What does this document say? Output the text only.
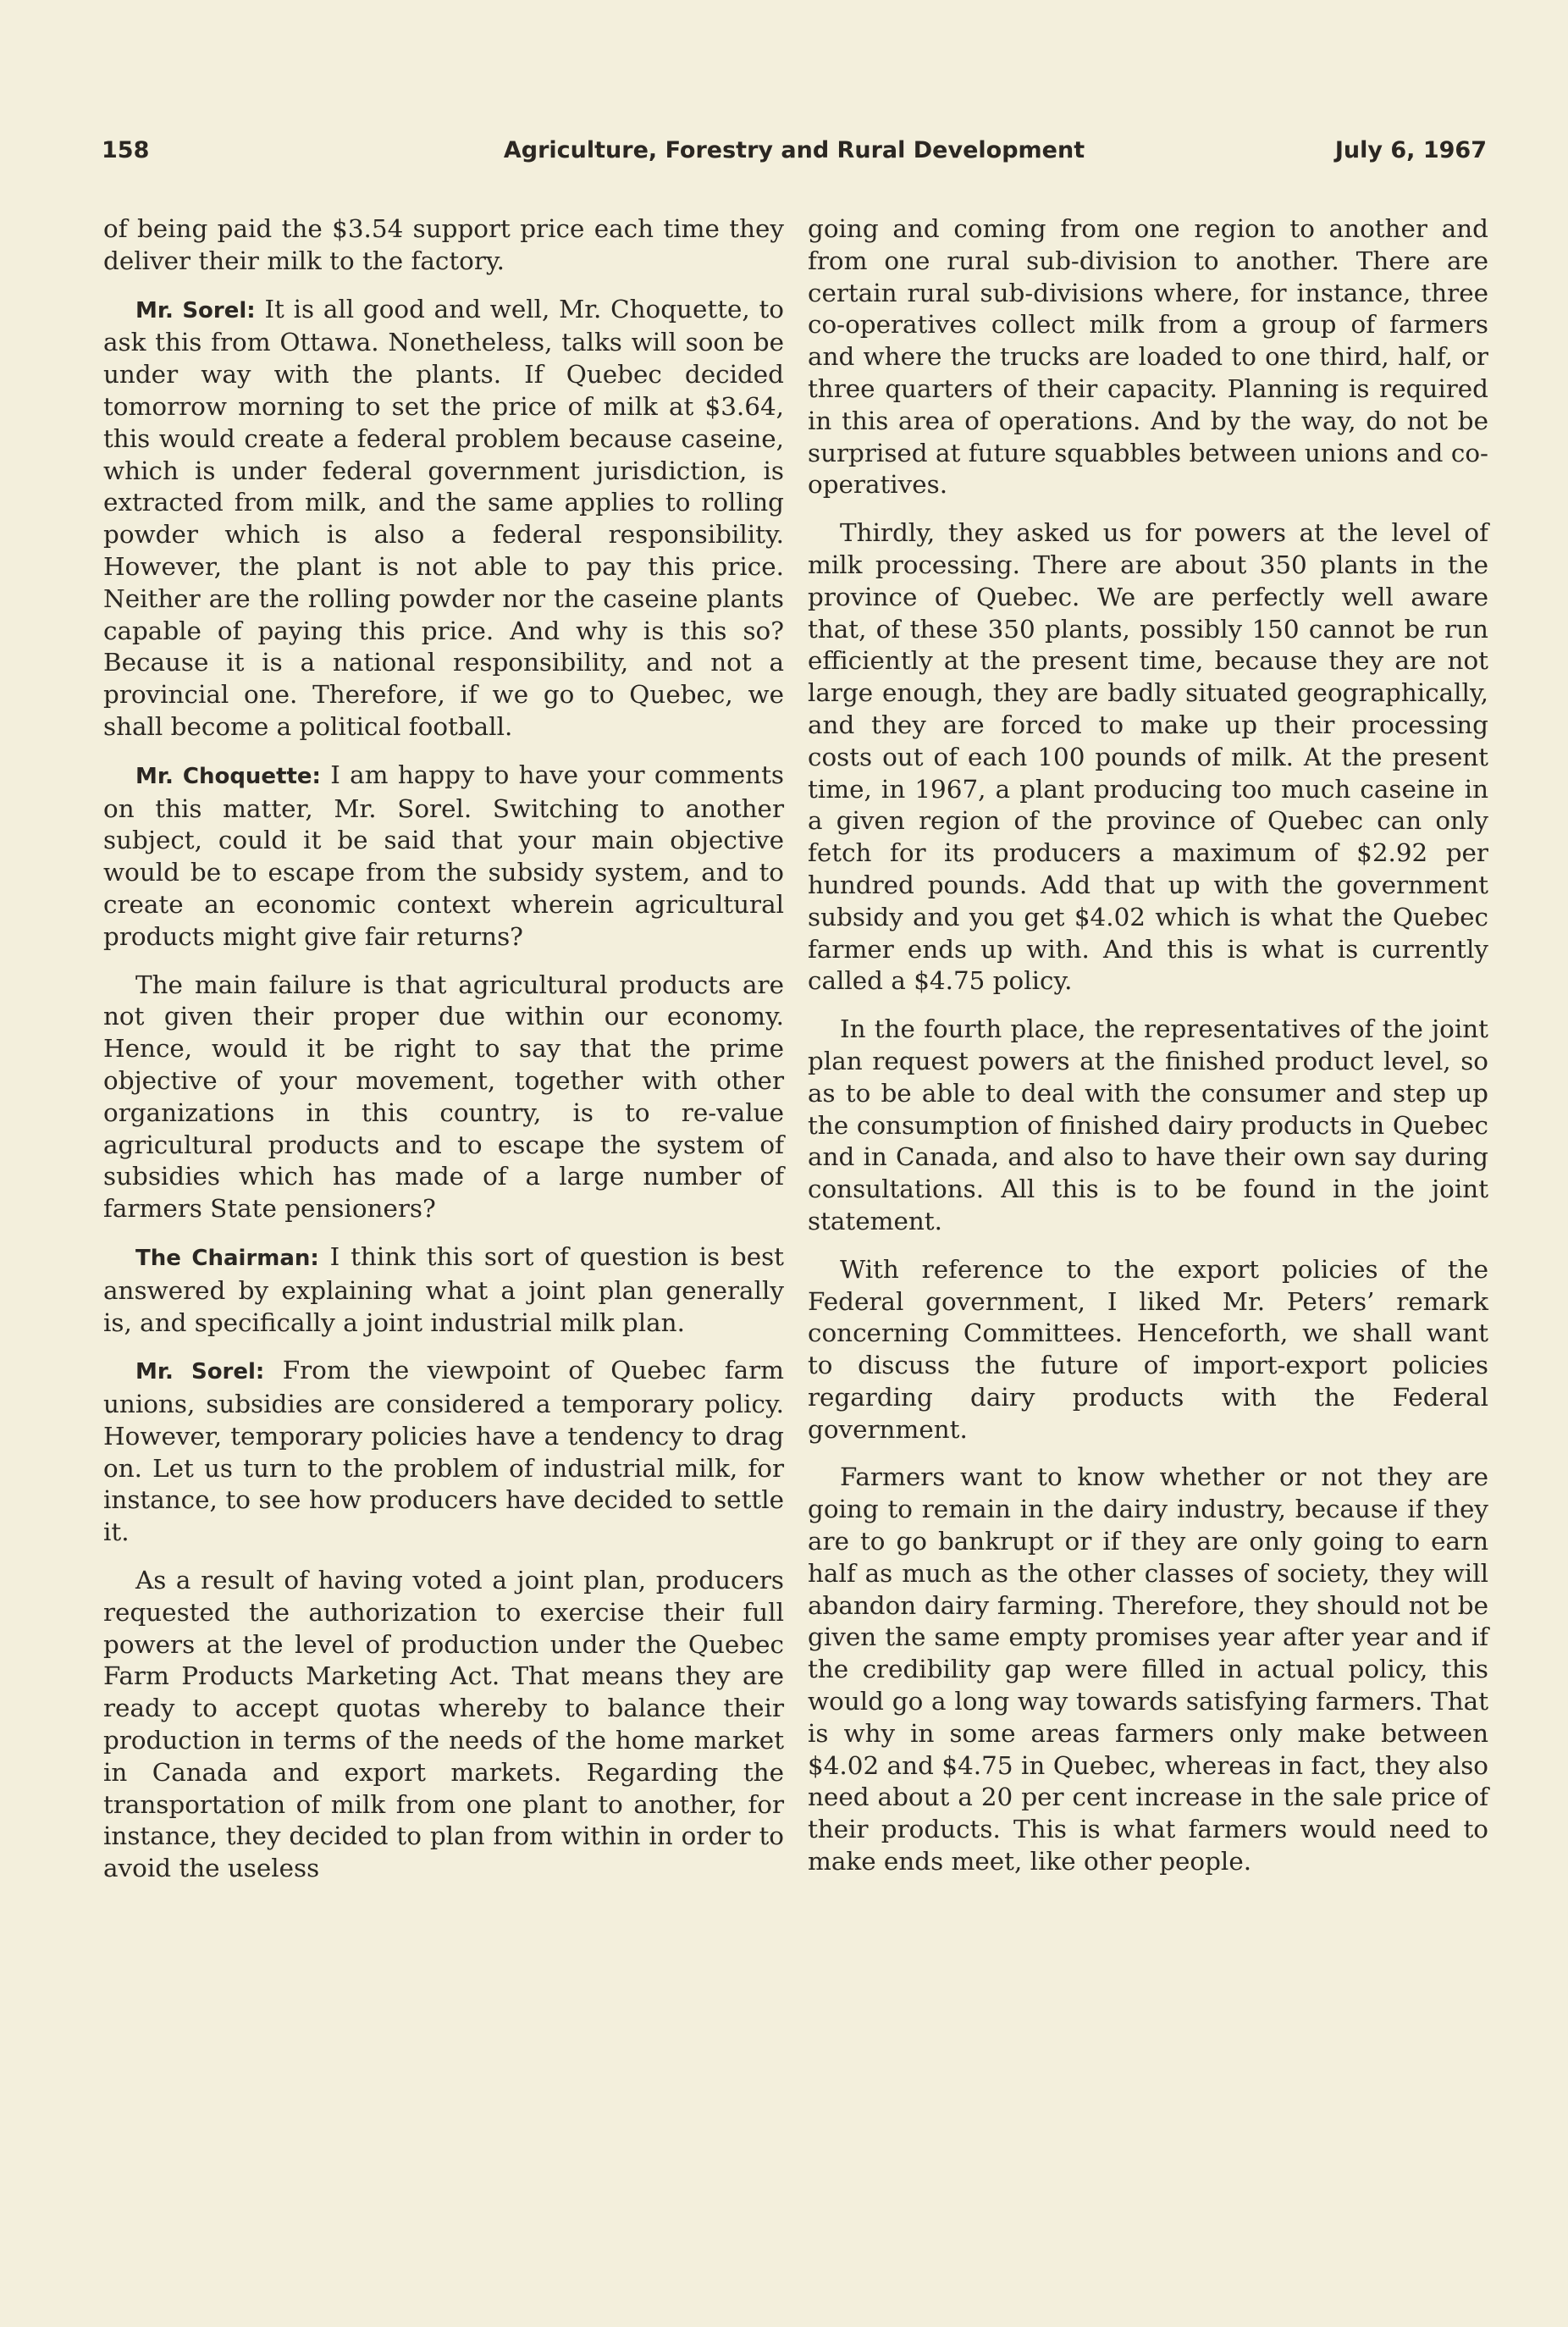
158	Agriculture, Forestry and Rural Development	July 6, 1967

of being paid the $3.54 support price each time they deliver their milk to the factory.

Mr. Sorel: It is all good and well, Mr. Choquette, to ask this from Ottawa. Nonetheless, talks will soon be under way with the plants. If Quebec decided tomorrow morning to set the price of milk at $3.64, this would create a federal problem because caseine, which is under federal government jurisdiction, is extracted from milk, and the same applies to rolling powder which is also a federal responsibility. However, the plant is not able to pay this price. Neither are the rolling powder nor the caseine plants capable of paying this price. And why is this so? Because it is a national responsibility, and not a provincial one. Therefore, if we go to Quebec, we shall become a political football.

Mr. Choquette: I am happy to have your comments on this matter, Mr. Sorel. Switching to another subject, could it be said that your main objective would be to escape from the subsidy system, and to create an economic context wherein agricultural products might give fair returns?

The main failure is that agricultural products are not given their proper due within our economy. Hence, would it be right to say that the prime objective of your movement, together with other organizations in this country, is to re-value agricultural products and to escape the system of subsidies which has made of a large number of farmers State pensioners?

The Chairman: I think this sort of question is best answered by explaining what a joint plan generally is, and specifically a joint industrial milk plan.

Mr. Sorel: From the viewpoint of Quebec farm unions, subsidies are considered a temporary policy. However, temporary policies have a tendency to drag on. Let us turn to the problem of industrial milk, for instance, to see how producers have decided to settle it.

As a result of having voted a joint plan, producers requested the authorization to exercise their full powers at the level of production under the Quebec Farm Products Marketing Act. That means they are ready to accept quotas whereby to balance their production in terms of the needs of the home market in Canada and export markets. Regarding the transportation of milk from one plant to another, for instance, they decided to plan from within in order to avoid the useless

going and coming from one region to another and from one rural sub-division to another. There are certain rural sub-divisions where, for instance, three co-operatives collect milk from a group of farmers and where the trucks are loaded to one third, half, or three quarters of their capacity. Planning is required in this area of operations. And by the way, do not be surprised at future squabbles between unions and co-operatives.

Thirdly, they asked us for powers at the level of milk processing. There are about 350 plants in the province of Quebec. We are perfectly well aware that, of these 350 plants, possibly 150 cannot be run efficiently at the present time, because they are not large enough, they are badly situated geographically, and they are forced to make up their processing costs out of each 100 pounds of milk. At the present time, in 1967, a plant producing too much caseine in a given region of the province of Quebec can only fetch for its producers a maximum of $2.92 per hundred pounds. Add that up with the government subsidy and you get $4.02 which is what the Quebec farmer ends up with. And this is what is currently called a $4.75 policy.

In the fourth place, the representatives of the joint plan request powers at the finished product level, so as to be able to deal with the consumer and step up the consumption of finished dairy products in Quebec and in Canada, and also to have their own say during consultations. All this is to be found in the joint statement.

With reference to the export policies of the Federal government, I liked Mr. Peters’ remark concerning Committees. Henceforth, we shall want to discuss the future of import-export policies regarding dairy products with the Federal government.

Farmers want to know whether or not they are going to remain in the dairy industry, because if they are to go bankrupt or if they are only going to earn half as much as the other classes of society, they will abandon dairy farming. Therefore, they should not be given the same empty promises year after year and if the credibility gap were filled in actual policy, this would go a long way towards satisfying farmers. That is why in some areas farmers only make between $4.02 and $4.75 in Quebec, whereas in fact, they also need about a 20 per cent increase in the sale price of their products. This is what farmers would need to make ends meet, like other people.
